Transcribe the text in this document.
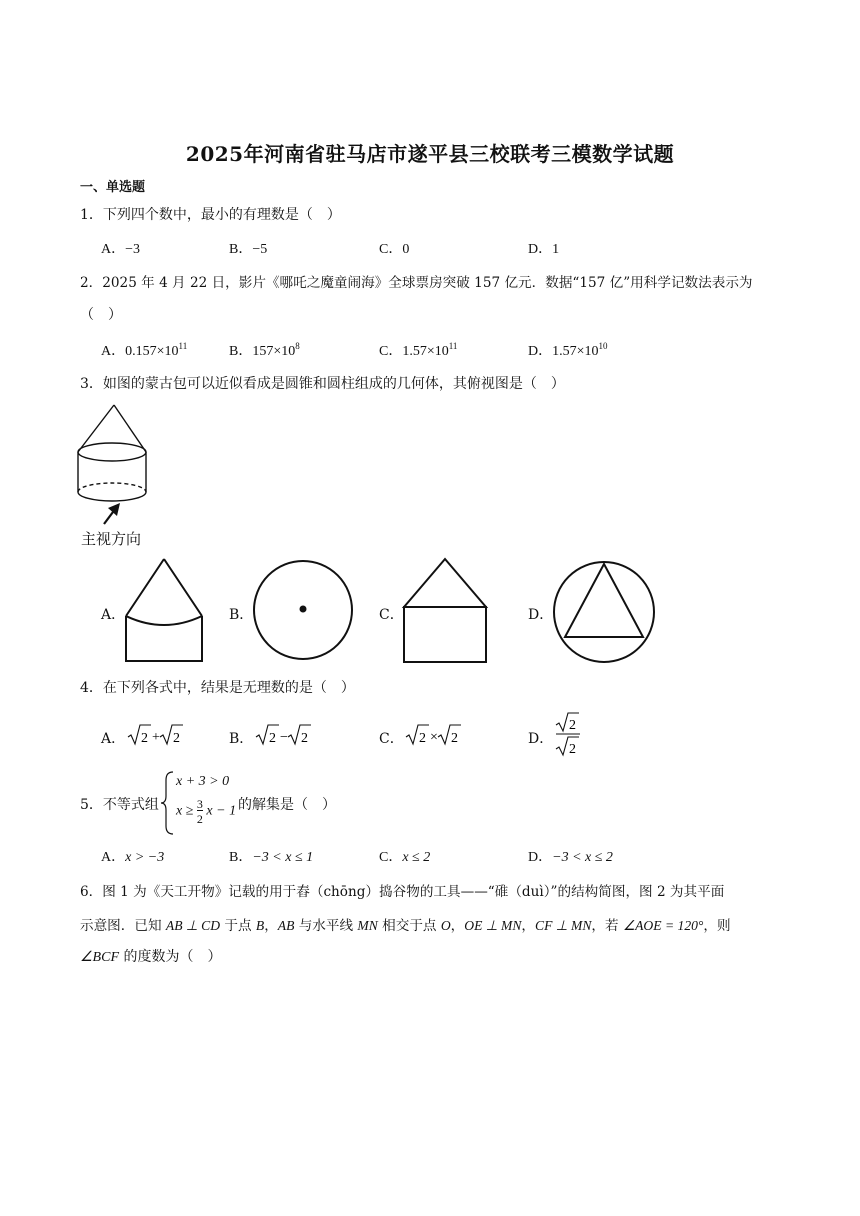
2025年河南省驻马店市遂平县三校联考三模数学试题
一、单选题
1．下列四个数中，最小的有理数是（　）
A．−3	B．−5	C．0	D．1
2．2025 年 4 月 22 日，影片《哪吒之魔童闹海》全球票房突破 157 亿元．数据“157 亿”用科学记数法表示为
（　）
A．$0.157\times 10^{11}$	B．$157\times 10^8$	C．$1.57\times 10^{11}$	D．$1.57\times 10^{10}$
3．如图的蒙古包可以近似看成是圆锥和圆柱组成的几何体，其俯视图是（　）
主视方向
A．	B．	C．	D．
4．在下列各式中，结果是无理数的是（　）
A． 2 + 2	B． 2 − 2	C． 2 × 2	D．
2
2
5．不等式组
x + 3 > 0
$x \ge \frac{3}{2}$ x − 1 的解集是（　）
A．x > −3	B．−3 < x ≤ 1	C．x ≤ 2	D．−3 < x ≤ 2
6．图 1 为《天工开物》记载的用于舂（chōng）捣谷物的工具——“碓（duì）”的结构简图，图 2 为其平面
示意图．已知 AB ⊥ CD 于点 B，AB 与水平线 MN 相交于点 O，OE ⊥ MN，CF ⊥ MN，若 ∠AOE = 120°，则
∠BCF 的度数为（　）
